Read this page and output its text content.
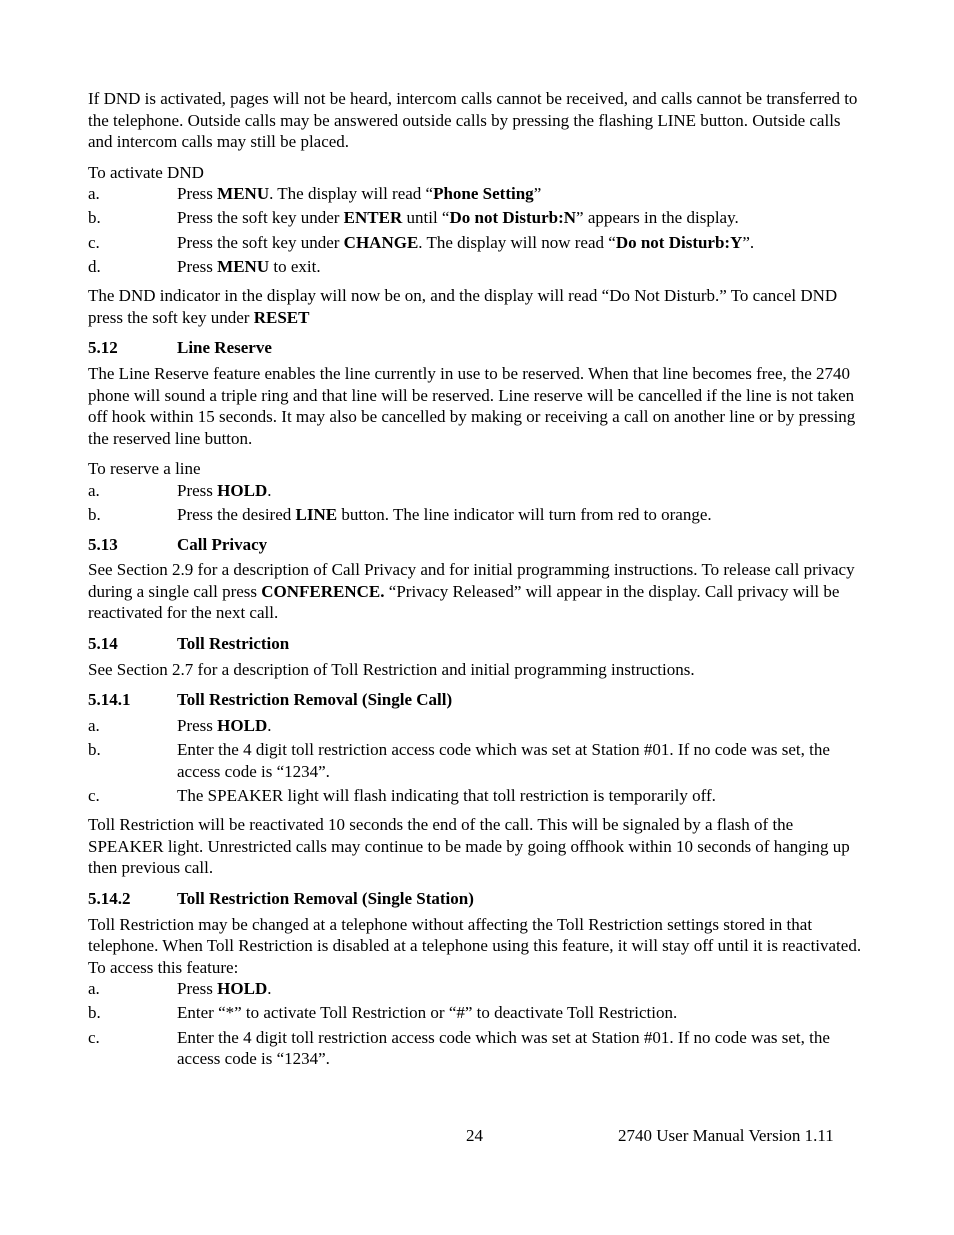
If DND is activated, pages will not be heard, intercom calls cannot be received, and calls cannot be transferred to the telephone. Outside calls may be answered outside calls by pressing the flashing LINE button. Outside calls and intercom calls may still be placed.

To activate DND

a.	Press MENU. The display will read “Phone Setting”
b.	Press the soft key under ENTER until “Do not Disturb:N” appears in the display.
c.	Press the soft key under CHANGE. The display will now read “Do not Disturb:Y”.
d.	Press MENU to exit.

The DND indicator in the display will now be on, and the display will read “Do Not Disturb.” To cancel DND press the soft key under RESET

5.12	Line Reserve

The Line Reserve feature enables the line currently in use to be reserved. When that line becomes free, the 2740 phone will sound a triple ring and that line will be reserved. Line reserve will be cancelled if the line is not taken off hook within 15 seconds. It may also be cancelled by making or receiving a call on another line or by pressing the reserved line button.

To reserve a line

a.	Press HOLD.
b.	Press the desired LINE button. The line indicator will turn from red to orange.
5.13	Call Privacy

See Section 2.9 for a description of Call Privacy and for initial programming instructions. To release call privacy during a single call press CONFERENCE. “Privacy Released” will appear in the display. Call privacy will be reactivated for the next call.

5.14	Toll Restriction

See Section 2.7 for a description of Toll Restriction and initial programming instructions.

5.14.1	Toll Restriction Removal (Single Call)
a.	Press HOLD.
b.	Enter the 4 digit toll restriction access code which was set at Station #01. If no code was set, the access code is “1234”.
c.	The SPEAKER light will flash indicating that toll restriction is temporarily off.

Toll Restriction will be reactivated 10 seconds the end of the call. This will be signaled by a flash of the SPEAKER light. Unrestricted calls may continue to be made by going offhook within 10 seconds of hanging up then previous call.

5.14.2	Toll Restriction Removal (Single Station)

Toll Restriction may be changed at a telephone without affecting the Toll Restriction settings stored in that telephone. When Toll Restriction is disabled at a telephone using this feature, it will stay off until it is reactivated. To access this feature:

a.	Press HOLD.
b.	Enter “*” to activate Toll Restriction or “#” to deactivate Toll Restriction.
c.	Enter the 4 digit toll restriction access code which was set at Station #01. If no code was set, the access code is “1234”.
24	2740 User Manual Version 1.11
